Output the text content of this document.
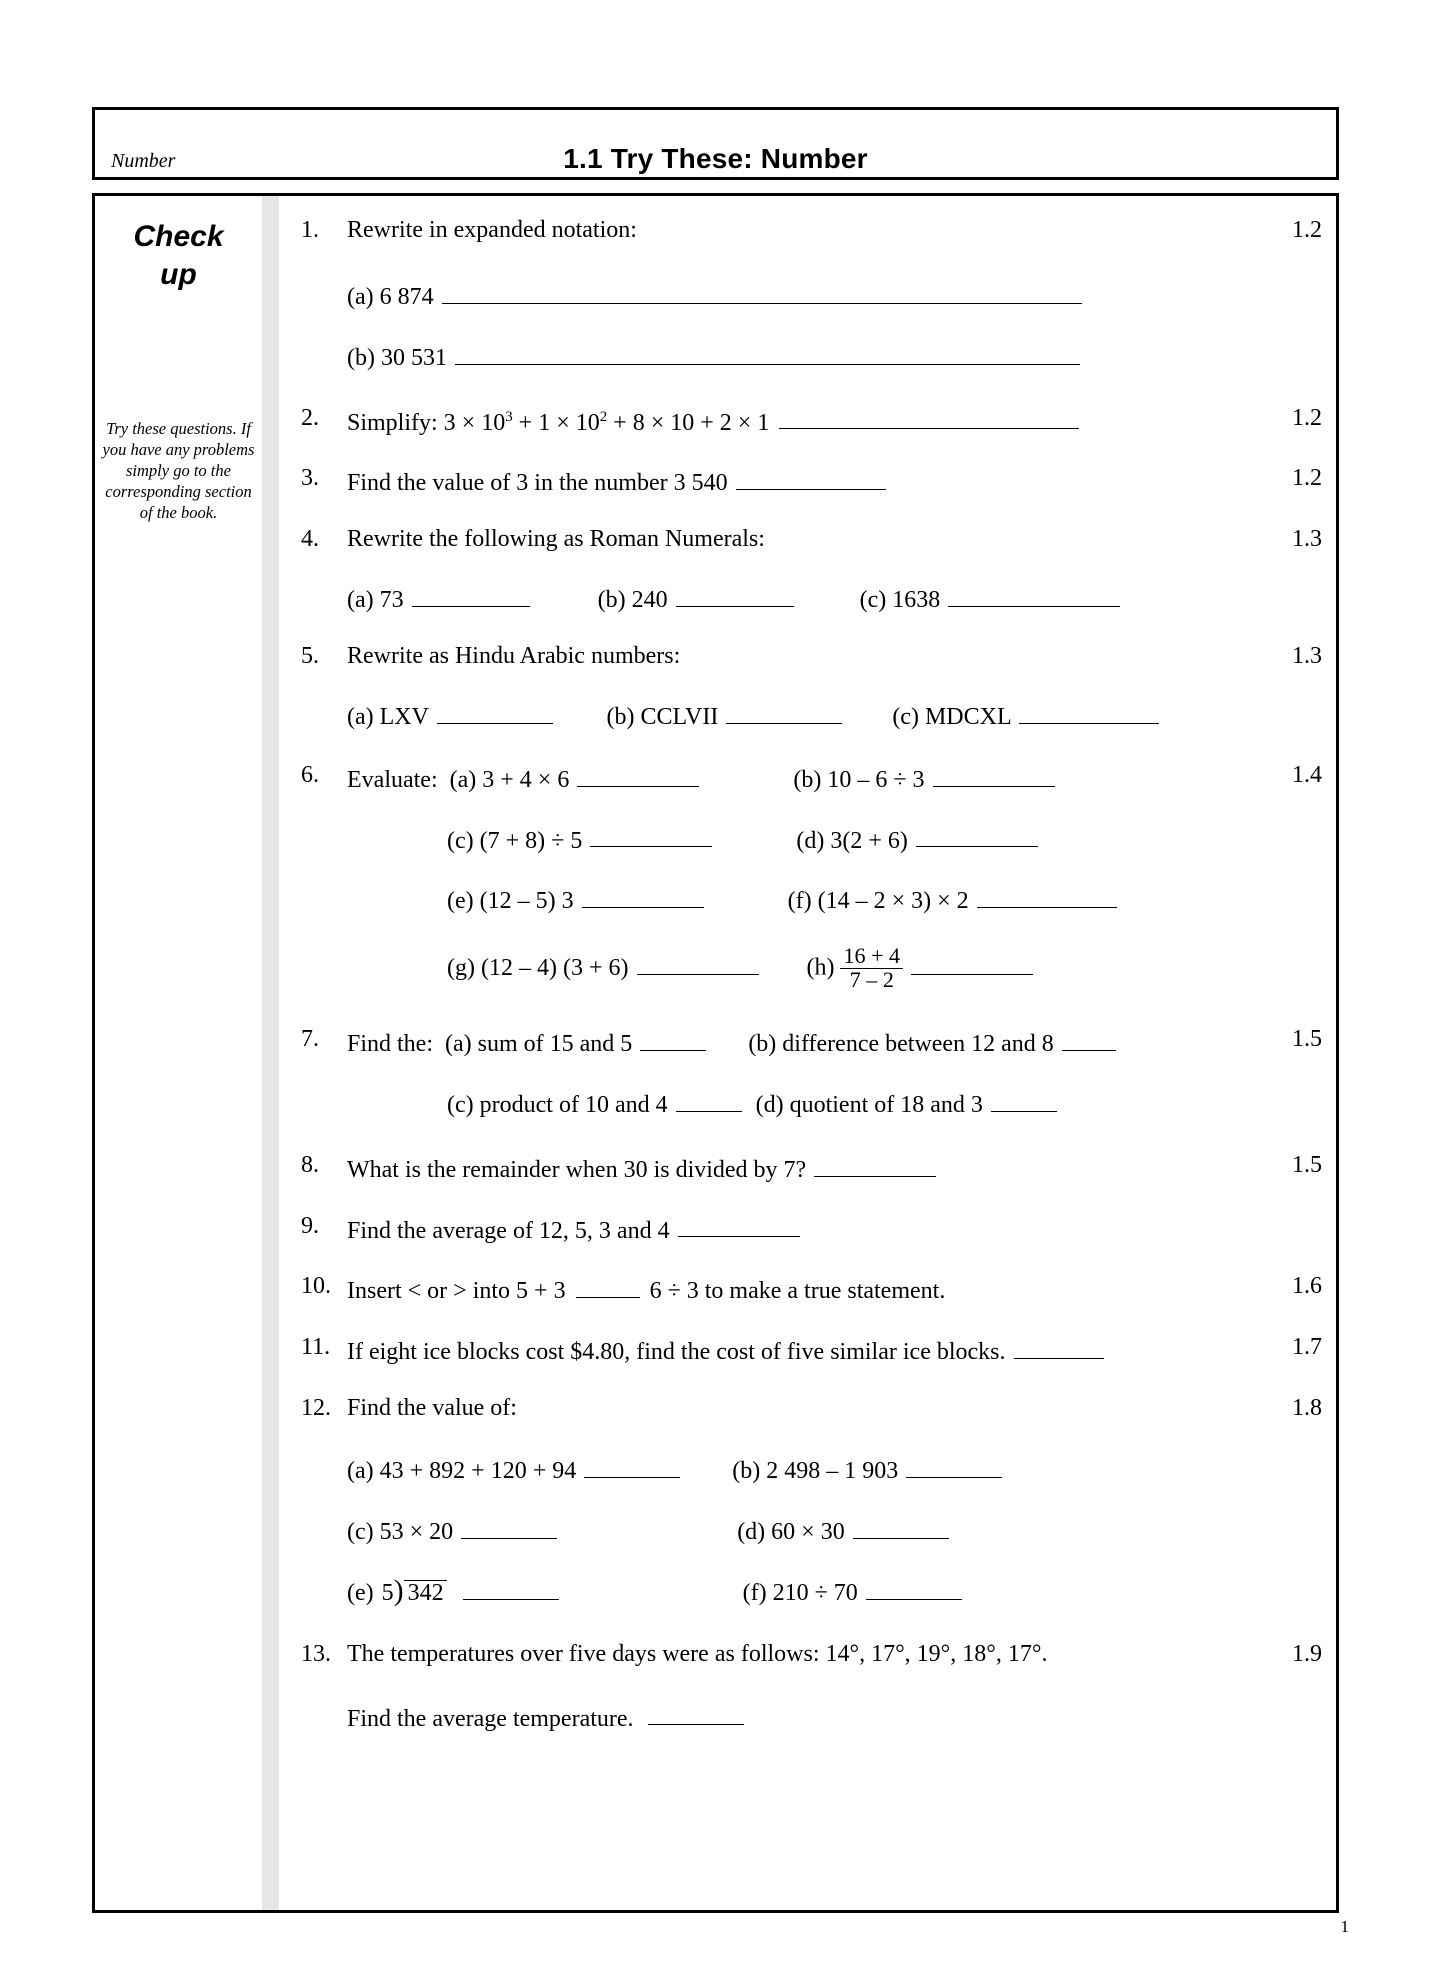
Number	1.1 Try These: Number
Check
up
Try these questions. If you have any problems simply go to the corresponding section of the book.
1.	Rewrite in expanded notation:	1.2
(a) 6 874
(b) 30 531
2.	Simplify: $3 \times 10^3 + 1 \times 10^2 + 8 \times 10 + 2 \times 1$	1.2
3.	Find the value of 3 in the number 3 540	1.2
4.	Rewrite the following as Roman Numerals:	1.3
(a) 73	(b) 240	(c) 1638
5.	Rewrite as Hindu Arabic numbers:	1.3
(a) LXV	(b) CCLVII	(c) MDCXL
6.	Evaluate: (a) 3 + 4 × 6	(b) 10 – 6 ÷ 3	1.4
(c) (7 + 8) ÷ 5	(d) 3(2 + 6)
(e) (12 – 5) 3	(f) (14 – 2 × 3) × 2
(g) (12 – 4) (3 + 6)	$(h) \frac{16 + 4}{7 - 2}$

7.	Find the: (a) sum of 15 and 5	(b) difference between 12 and 8	1.5
(c) product of 10 and 4	(d) quotient of 18 and 3
8.	What is the remainder when 30 is divided by 7?	1.5
9.	Find the average of 12, 5, 3 and 4
10. Insert < or > into 5 + 3	6 ÷ 3 to make a true statement.	1.6
11. If eight ice blocks cost $4.80, find the cost of five similar ice blocks.	1.7
12. Find the value of:	1.8
(a) 43 + 892 + 120 + 94	(b) 2 498 – 1 903
(c) 53 × 20	(d) 60 × 30
(e) 5) 342	(f) 210 ÷ 70
13. The temperatures over five days were as follows: 14°, 17°, 19°, 18°, 17°.	1.9
Find the average temperature.
1
